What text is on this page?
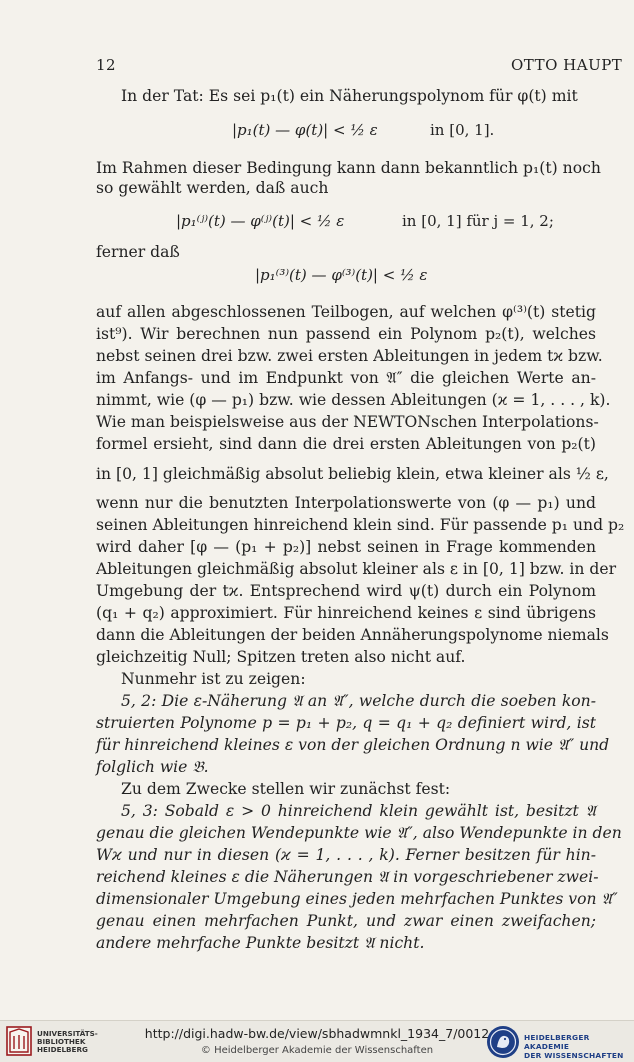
12	OTTO HAUPT
In der Tat: Es sei p₁(t) ein Näherungspolynom für φ(t) mit
|p₁(t) — φ(t)| < ½ ε	in [0, 1].
Im Rahmen dieser Bedingung kann dann bekanntlich p₁(t) noch
so gewählt werden, daß auch
|p₁⁽ʲ⁾(t) — φ⁽ʲ⁾(t)| < ½ ε	in [0, 1] für j = 1, 2;
ferner daß
|p₁⁽³⁾(t) — φ⁽³⁾(t)| < ½ ε
auf allen abgeschlossenen Teilbogen, auf welchen φ⁽³⁾(t) stetig
ist⁹). Wir berechnen nun passend ein Polynom p₂(t), welches
nebst seinen drei bzw. zwei ersten Ableitungen in jedem tϰ bzw.
im Anfangs- und im Endpunkt von 𝔄″ die gleichen Werte an-
nimmt, wie (φ — p₁) bzw. wie dessen Ableitungen (ϰ = 1, . . . , k).
Wie man beispielsweise aus der NEWTONschen Interpolations-
formel ersieht, sind dann die drei ersten Ableitungen von p₂(t)
in [0, 1] gleichmäßig absolut beliebig klein, etwa kleiner als ½ ε,
wenn nur die benutzten Interpolationswerte von (φ — p₁) und
seinen Ableitungen hinreichend klein sind. Für passende p₁ und p₂
wird daher [φ — (p₁ + p₂)] nebst seinen in Frage kommenden
Ableitungen gleichmäßig absolut kleiner als ε in [0, 1] bzw. in der
Umgebung der tϰ. Entsprechend wird ψ(t) durch ein Polynom
(q₁ + q₂) approximiert. Für hinreichend keines ε sind übrigens
dann die Ableitungen der beiden Annäherungspolynome niemals
gleichzeitig Null; Spitzen treten also nicht auf.
Nunmehr ist zu zeigen:
5, 2: Die ε-Näherung 𝔄 an 𝔄″, welche durch die soeben kon-
struierten Polynome p = p₁ + p₂, q = q₁ + q₂ definiert wird, ist
für hinreichend kleines ε von der gleichen Ordnung n wie 𝔄″ und
folglich wie 𝔅.
Zu dem Zwecke stellen wir zunächst fest:
5, 3: Sobald ε > 0 hinreichend klein gewählt ist, besitzt 𝔄
genau die gleichen Wendepunkte wie 𝔄″, also Wendepunkte in den
Wϰ und nur in diesen (ϰ = 1, . . . , k). Ferner besitzen für hin-
reichend kleines ε die Näherungen 𝔄 in vorgeschriebener zwei-
dimensionaler Umgebung eines jeden mehrfachen Punktes von 𝔄″
genau einen mehrfachen Punkt, und zwar einen zweifachen;
andere mehrfache Punkte besitzt 𝔄 nicht.
UNIVERSITÄTS-
BIBLIOTHEK
HEIDELBERG
http://digi.hadw-bw.de/view/sbhadwmnkl_1934_7/0012
© Heidelberger Akademie der Wissenschaften
HEIDELBERGER AKADEMIE
DER WISSENSCHAFTEN
